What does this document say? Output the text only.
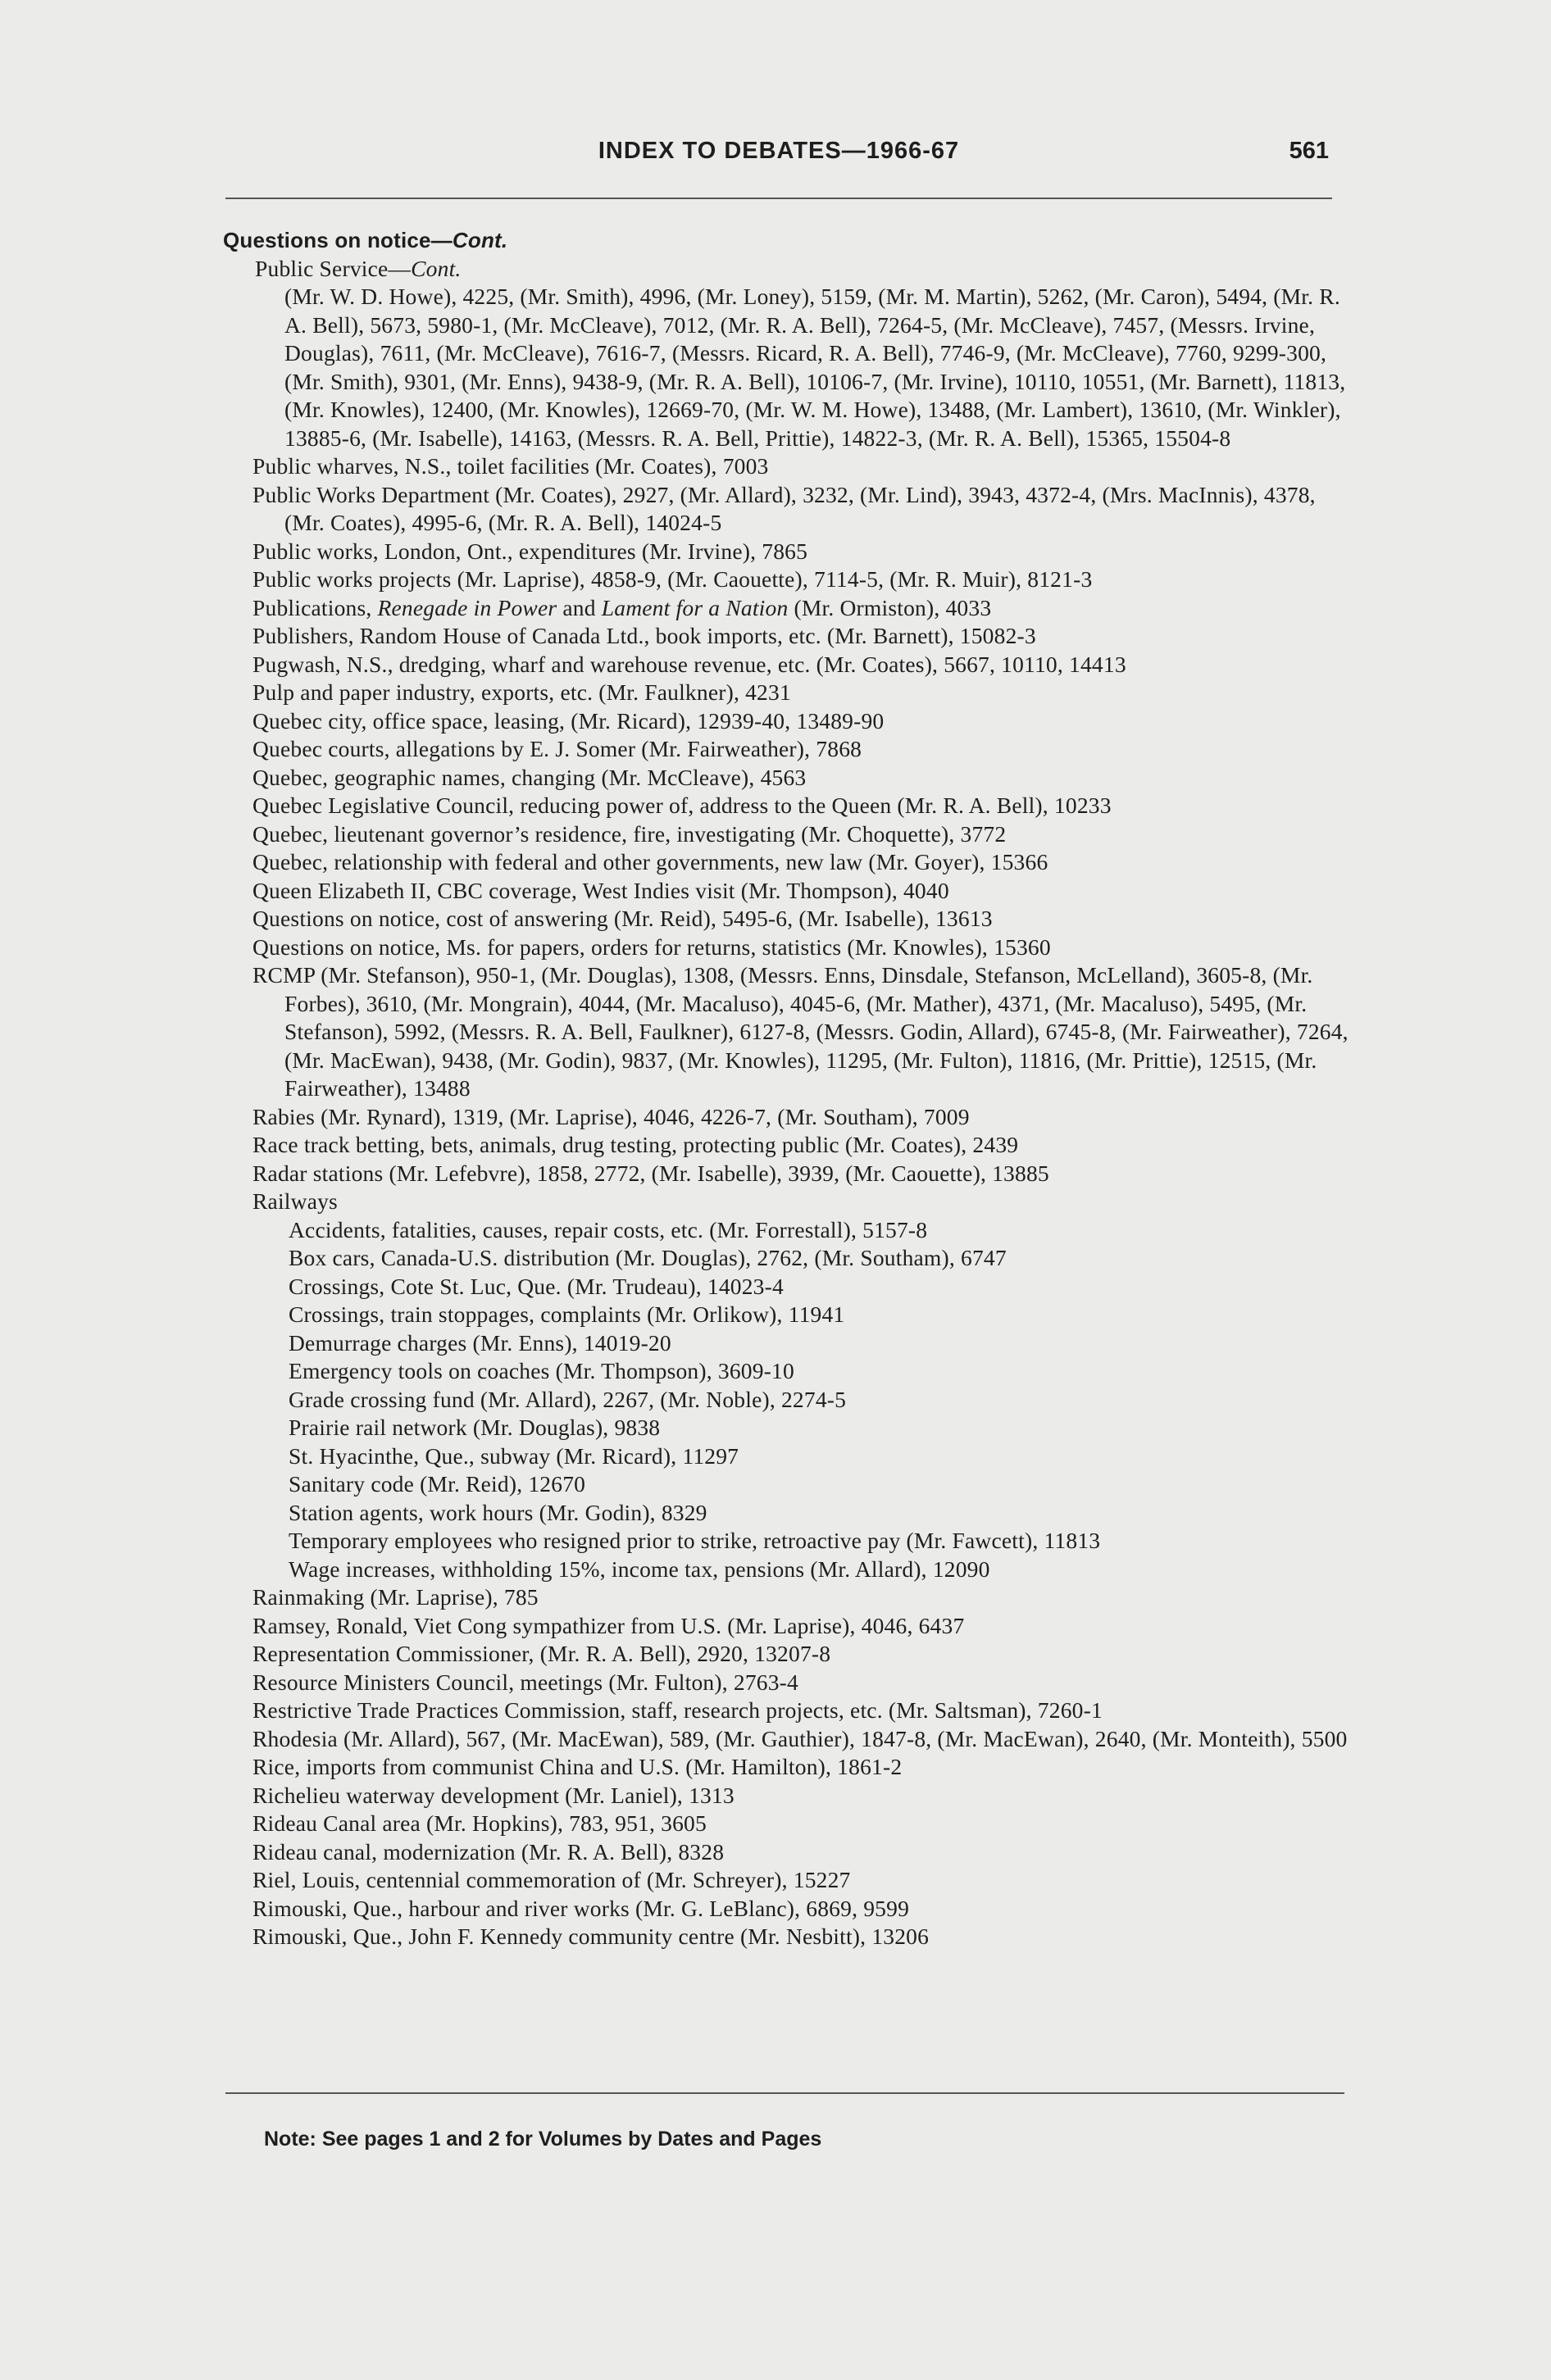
INDEX TO DEBATES—1966-67	561
Questions on notice—Cont.
Public Service—Cont.
(Mr. W. D. Howe), 4225, (Mr. Smith), 4996, (Mr. Loney), 5159, (Mr. M. Martin), 5262, (Mr. Caron), 5494, (Mr. R. A. Bell), 5673, 5980-1, (Mr. McCleave), 7012, (Mr. R. A. Bell), 7264-5, (Mr. McCleave), 7457, (Messrs. Irvine, Douglas), 7611, (Mr. McCleave), 7616-7, (Messrs. Ricard, R. A. Bell), 7746-9, (Mr. McCleave), 7760, 9299-300, (Mr. Smith), 9301, (Mr. Enns), 9438-9, (Mr. R. A. Bell), 10106-7, (Mr. Irvine), 10110, 10551, (Mr. Barnett), 11813, (Mr. Knowles), 12400, (Mr. Knowles), 12669-70, (Mr. W. M. Howe), 13488, (Mr. Lambert), 13610, (Mr. Winkler), 13885-6, (Mr. Isabelle), 14163, (Messrs. R. A. Bell, Prittie), 14822-3, (Mr. R. A. Bell), 15365, 15504-8
Public wharves, N.S., toilet facilities (Mr. Coates), 7003
Public Works Department (Mr. Coates), 2927, (Mr. Allard), 3232, (Mr. Lind), 3943, 4372-4, (Mrs. MacInnis), 4378, (Mr. Coates), 4995-6, (Mr. R. A. Bell), 14024-5
Public works, London, Ont., expenditures (Mr. Irvine), 7865
Public works projects (Mr. Laprise), 4858-9, (Mr. Caouette), 7114-5, (Mr. R. Muir), 8121-3
Publications, Renegade in Power and Lament for a Nation (Mr. Ormiston), 4033
Publishers, Random House of Canada Ltd., book imports, etc. (Mr. Barnett), 15082-3
Pugwash, N.S., dredging, wharf and warehouse revenue, etc. (Mr. Coates), 5667, 10110, 14413
Pulp and paper industry, exports, etc. (Mr. Faulkner), 4231
Quebec city, office space, leasing, (Mr. Ricard), 12939-40, 13489-90
Quebec courts, allegations by E. J. Somer (Mr. Fairweather), 7868
Quebec, geographic names, changing (Mr. McCleave), 4563
Quebec Legislative Council, reducing power of, address to the Queen (Mr. R. A. Bell), 10233
Quebec, lieutenant governor’s residence, fire, investigating (Mr. Choquette), 3772
Quebec, relationship with federal and other governments, new law (Mr. Goyer), 15366
Queen Elizabeth II, CBC coverage, West Indies visit (Mr. Thompson), 4040
Questions on notice, cost of answering (Mr. Reid), 5495-6, (Mr. Isabelle), 13613
Questions on notice, Ms. for papers, orders for returns, statistics (Mr. Knowles), 15360
RCMP (Mr. Stefanson), 950-1, (Mr. Douglas), 1308, (Messrs. Enns, Dinsdale, Stefanson, McLelland), 3605-8, (Mr. Forbes), 3610, (Mr. Mongrain), 4044, (Mr. Macaluso), 4045-6, (Mr. Mather), 4371, (Mr. Macaluso), 5495, (Mr. Stefanson), 5992, (Messrs. R. A. Bell, Faulkner), 6127-8, (Messrs. Godin, Allard), 6745-8, (Mr. Fairweather), 7264, (Mr. MacEwan), 9438, (Mr. Godin), 9837, (Mr. Knowles), 11295, (Mr. Fulton), 11816, (Mr. Prittie), 12515, (Mr. Fairweather), 13488
Rabies (Mr. Rynard), 1319, (Mr. Laprise), 4046, 4226-7, (Mr. Southam), 7009
Race track betting, bets, animals, drug testing, protecting public (Mr. Coates), 2439
Radar stations (Mr. Lefebvre), 1858, 2772, (Mr. Isabelle), 3939, (Mr. Caouette), 13885
Railways
Accidents, fatalities, causes, repair costs, etc. (Mr. Forrestall), 5157-8
Box cars, Canada-U.S. distribution (Mr. Douglas), 2762, (Mr. Southam), 6747
Crossings, Cote St. Luc, Que. (Mr. Trudeau), 14023-4
Crossings, train stoppages, complaints (Mr. Orlikow), 11941
Demurrage charges (Mr. Enns), 14019-20
Emergency tools on coaches (Mr. Thompson), 3609-10
Grade crossing fund (Mr. Allard), 2267, (Mr. Noble), 2274-5
Prairie rail network (Mr. Douglas), 9838
St. Hyacinthe, Que., subway (Mr. Ricard), 11297
Sanitary code (Mr. Reid), 12670
Station agents, work hours (Mr. Godin), 8329
Temporary employees who resigned prior to strike, retroactive pay (Mr. Fawcett), 11813
Wage increases, withholding 15%, income tax, pensions (Mr. Allard), 12090
Rainmaking (Mr. Laprise), 785
Ramsey, Ronald, Viet Cong sympathizer from U.S. (Mr. Laprise), 4046, 6437
Representation Commissioner, (Mr. R. A. Bell), 2920, 13207-8
Resource Ministers Council, meetings (Mr. Fulton), 2763-4
Restrictive Trade Practices Commission, staff, research projects, etc. (Mr. Saltsman), 7260-1
Rhodesia (Mr. Allard), 567, (Mr. MacEwan), 589, (Mr. Gauthier), 1847-8, (Mr. MacEwan), 2640, (Mr. Monteith), 5500
Rice, imports from communist China and U.S. (Mr. Hamilton), 1861-2
Richelieu waterway development (Mr. Laniel), 1313
Rideau Canal area (Mr. Hopkins), 783, 951, 3605
Rideau canal, modernization (Mr. R. A. Bell), 8328
Riel, Louis, centennial commemoration of (Mr. Schreyer), 15227
Rimouski, Que., harbour and river works (Mr. G. LeBlanc), 6869, 9599
Rimouski, Que., John F. Kennedy community centre (Mr. Nesbitt), 13206
Note: See pages 1 and 2 for Volumes by Dates and Pages
